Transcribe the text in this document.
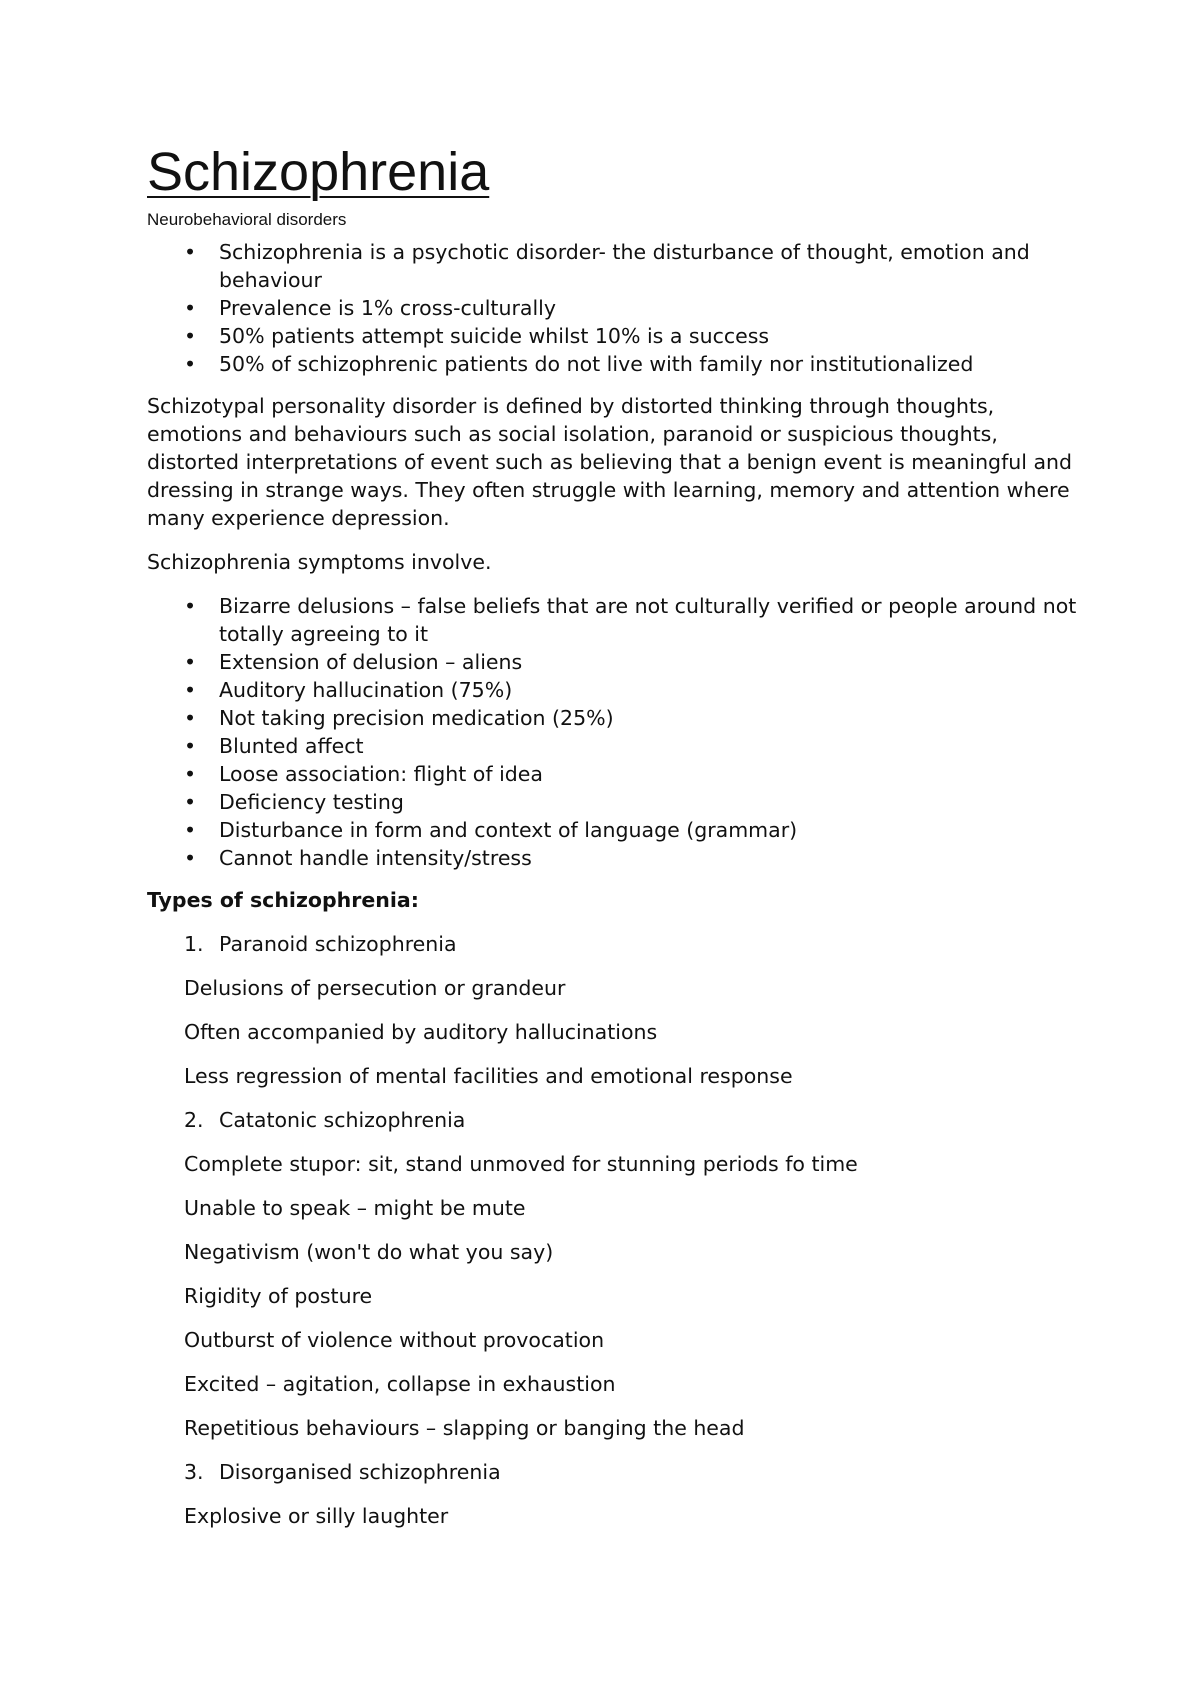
Schizophrenia
Neurobehavioral disorders
• Schizophrenia is a psychotic disorder- the disturbance of thought, emotion and behaviour
• Prevalence is 1% cross-culturally
• 50% patients attempt suicide whilst 10% is a success
• 50% of schizophrenic patients do not live with family nor institutionalized

Schizotypal personality disorder is defined by distorted thinking through thoughts, emotions and behaviours such as social isolation, paranoid or suspicious thoughts, distorted interpretations of event such as believing that a benign event is meaningful and dressing in strange ways. They often struggle with learning, memory and attention where many experience depression.

Schizophrenia symptoms involve.

• Bizarre delusions – false beliefs that are not culturally verified or people around not totally agreeing to it
• Extension of delusion – aliens
• Auditory hallucination (75%)
• Not taking precision medication (25%)
• Blunted affect
• Loose association: flight of idea
• Deficiency testing
• Disturbance in form and context of language (grammar)
• Cannot handle intensity/stress
Types of schizophrenia:
1. Paranoid schizophrenia
Delusions of persecution or grandeur
Often accompanied by auditory hallucinations
Less regression of mental facilities and emotional response
2. Catatonic schizophrenia
Complete stupor: sit, stand unmoved for stunning periods fo time
Unable to speak – might be mute
Negativism (won't do what you say)
Rigidity of posture
Outburst of violence without provocation
Excited – agitation, collapse in exhaustion
Repetitious behaviours – slapping or banging the head
3. Disorganised schizophrenia
Explosive or silly laughter
